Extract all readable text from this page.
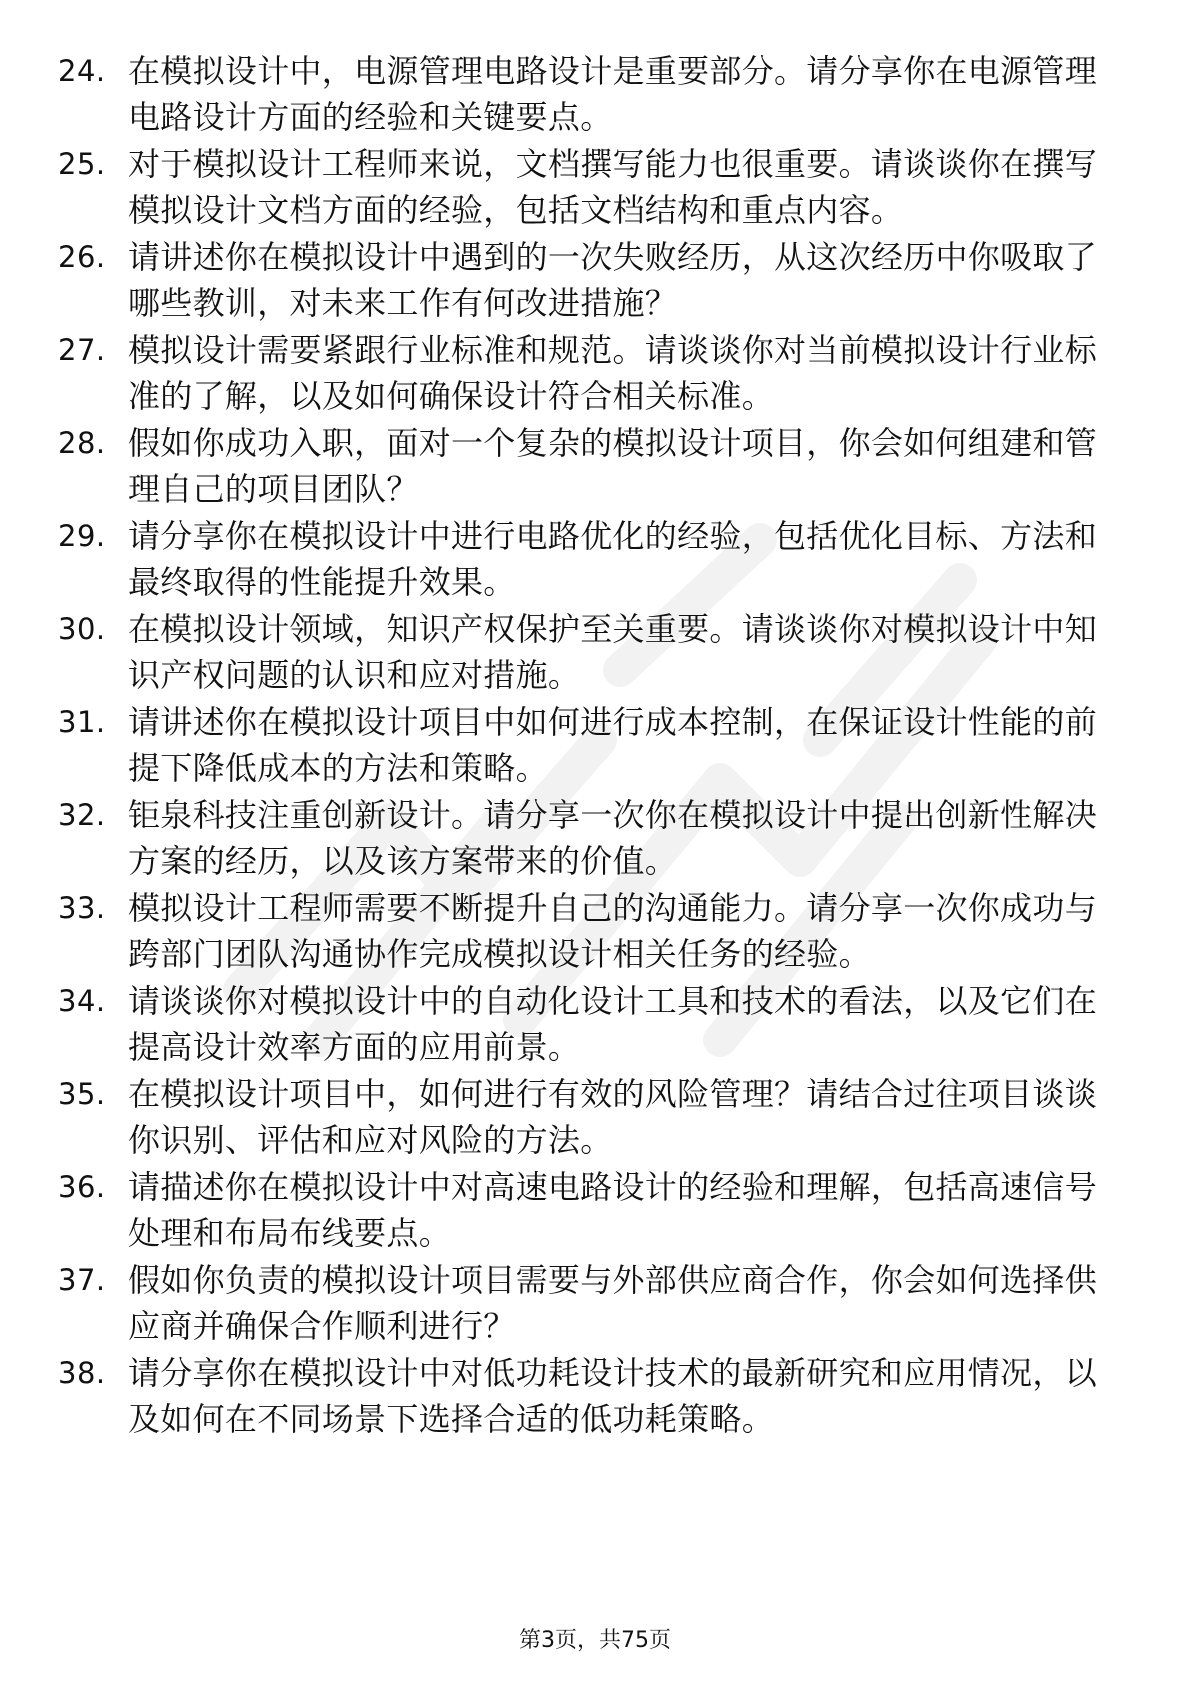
24. 在模拟设计中，电源管理电路设计是重要部分。请分享你在电源管理电路设计方面的经验和关键要点。
25. 对于模拟设计工程师来说，文档撰写能力也很重要。请谈谈你在撰写模拟设计文档方面的经验，包括文档结构和重点内容。
26. 请讲述你在模拟设计中遇到的一次失败经历，从这次经历中你吸取了哪些教训，对未来工作有何改进措施？
27. 模拟设计需要紧跟行业标准和规范。请谈谈你对当前模拟设计行业标准的了解，以及如何确保设计符合相关标准。
28. 假如你成功入职，面对一个复杂的模拟设计项目，你会如何组建和管理自己的项目团队？
29. 请分享你在模拟设计中进行电路优化的经验，包括优化目标、方法和最终取得的性能提升效果。
30. 在模拟设计领域，知识产权保护至关重要。请谈谈你对模拟设计中知识产权问题的认识和应对措施。
31. 请讲述你在模拟设计项目中如何进行成本控制，在保证设计性能的前提下降低成本的方法和策略。
32. 钜泉科技注重创新设计。请分享一次你在模拟设计中提出创新性解决方案的经历，以及该方案带来的价值。
33. 模拟设计工程师需要不断提升自己的沟通能力。请分享一次你成功与跨部门团队沟通协作完成模拟设计相关任务的经验。
34. 请谈谈你对模拟设计中的自动化设计工具和技术的看法，以及它们在提高设计效率方面的应用前景。
35. 在模拟设计项目中，如何进行有效的风险管理？请结合过往项目谈谈你识别、评估和应对风险的方法。
36. 请描述你在模拟设计中对高速电路设计的经验和理解，包括高速信号处理和布局布线要点。
37. 假如你负责的模拟设计项目需要与外部供应商合作，你会如何选择供应商并确保合作顺利进行？
38. 请分享你在模拟设计中对低功耗设计技术的最新研究和应用情况，以及如何在不同场景下选择合适的低功耗策略。
第3页，共75页
